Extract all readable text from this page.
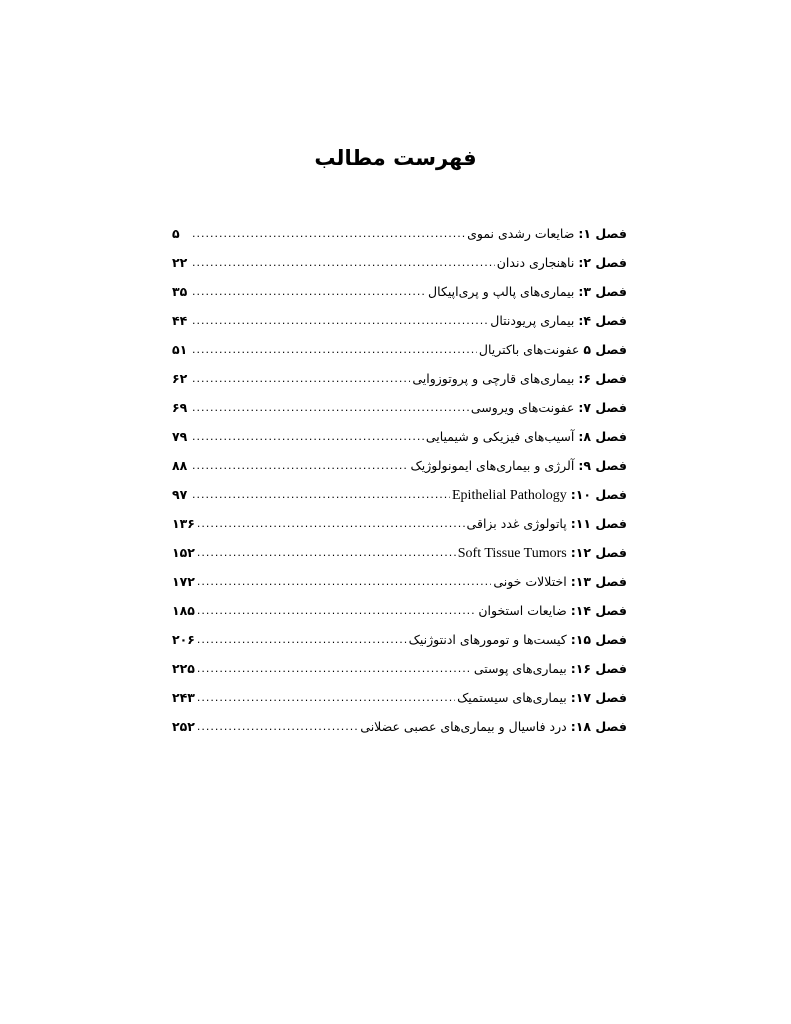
فهرست مطالب
فصل ۱:
ضایعات رشدی نموی
.....
۵
فصل ۲:
ناهنجاری دندان
.....
۲۲
فصل ۳:
بیماری‌های پالپ و پری‌اپیکال
.....
۳۵
فصل ۴:
بیماری پریودنتال
.....
۴۴
فصل ۵
عفونت‌های باکتریال
.....
۵۱
فصل ۶:
بیماری‌های قارچی و پروتوزوایی
.....
۶۲
فصل ۷:
عفونت‌های ویروسی
.....
۶۹
فصل ۸:
آسیب‌های فیزیکی و شیمیایی
.....
۷۹
فصل ۹:
آلرژی و بیماری‌های ایمونولوژیک
.....
۸۸
فصل ۱۰:
Epithelial Pathology
.....
۹۷
فصل ۱۱:
پاتولوژی غدد بزاقی
.....
۱۳۶
فصل ۱۲:
Soft Tissue Tumors
.....
۱۵۲
فصل ۱۳:
اختلالات خونی
.....
۱۷۲
فصل ۱۴:
ضایعات استخوان
.....
۱۸۵
فصل ۱۵:
کیست‌ها و تومورهای ادنتوژنیک
.....
۲۰۶
فصل ۱۶:
بیماری‌های پوستی
.....
۲۲۵
فصل ۱۷:
بیماری‌های سیستمیک
.....
۲۴۳
فصل ۱۸:
درد فاسیال و بیماری‌های عصبی عضلانی
.....
۲۵۲
